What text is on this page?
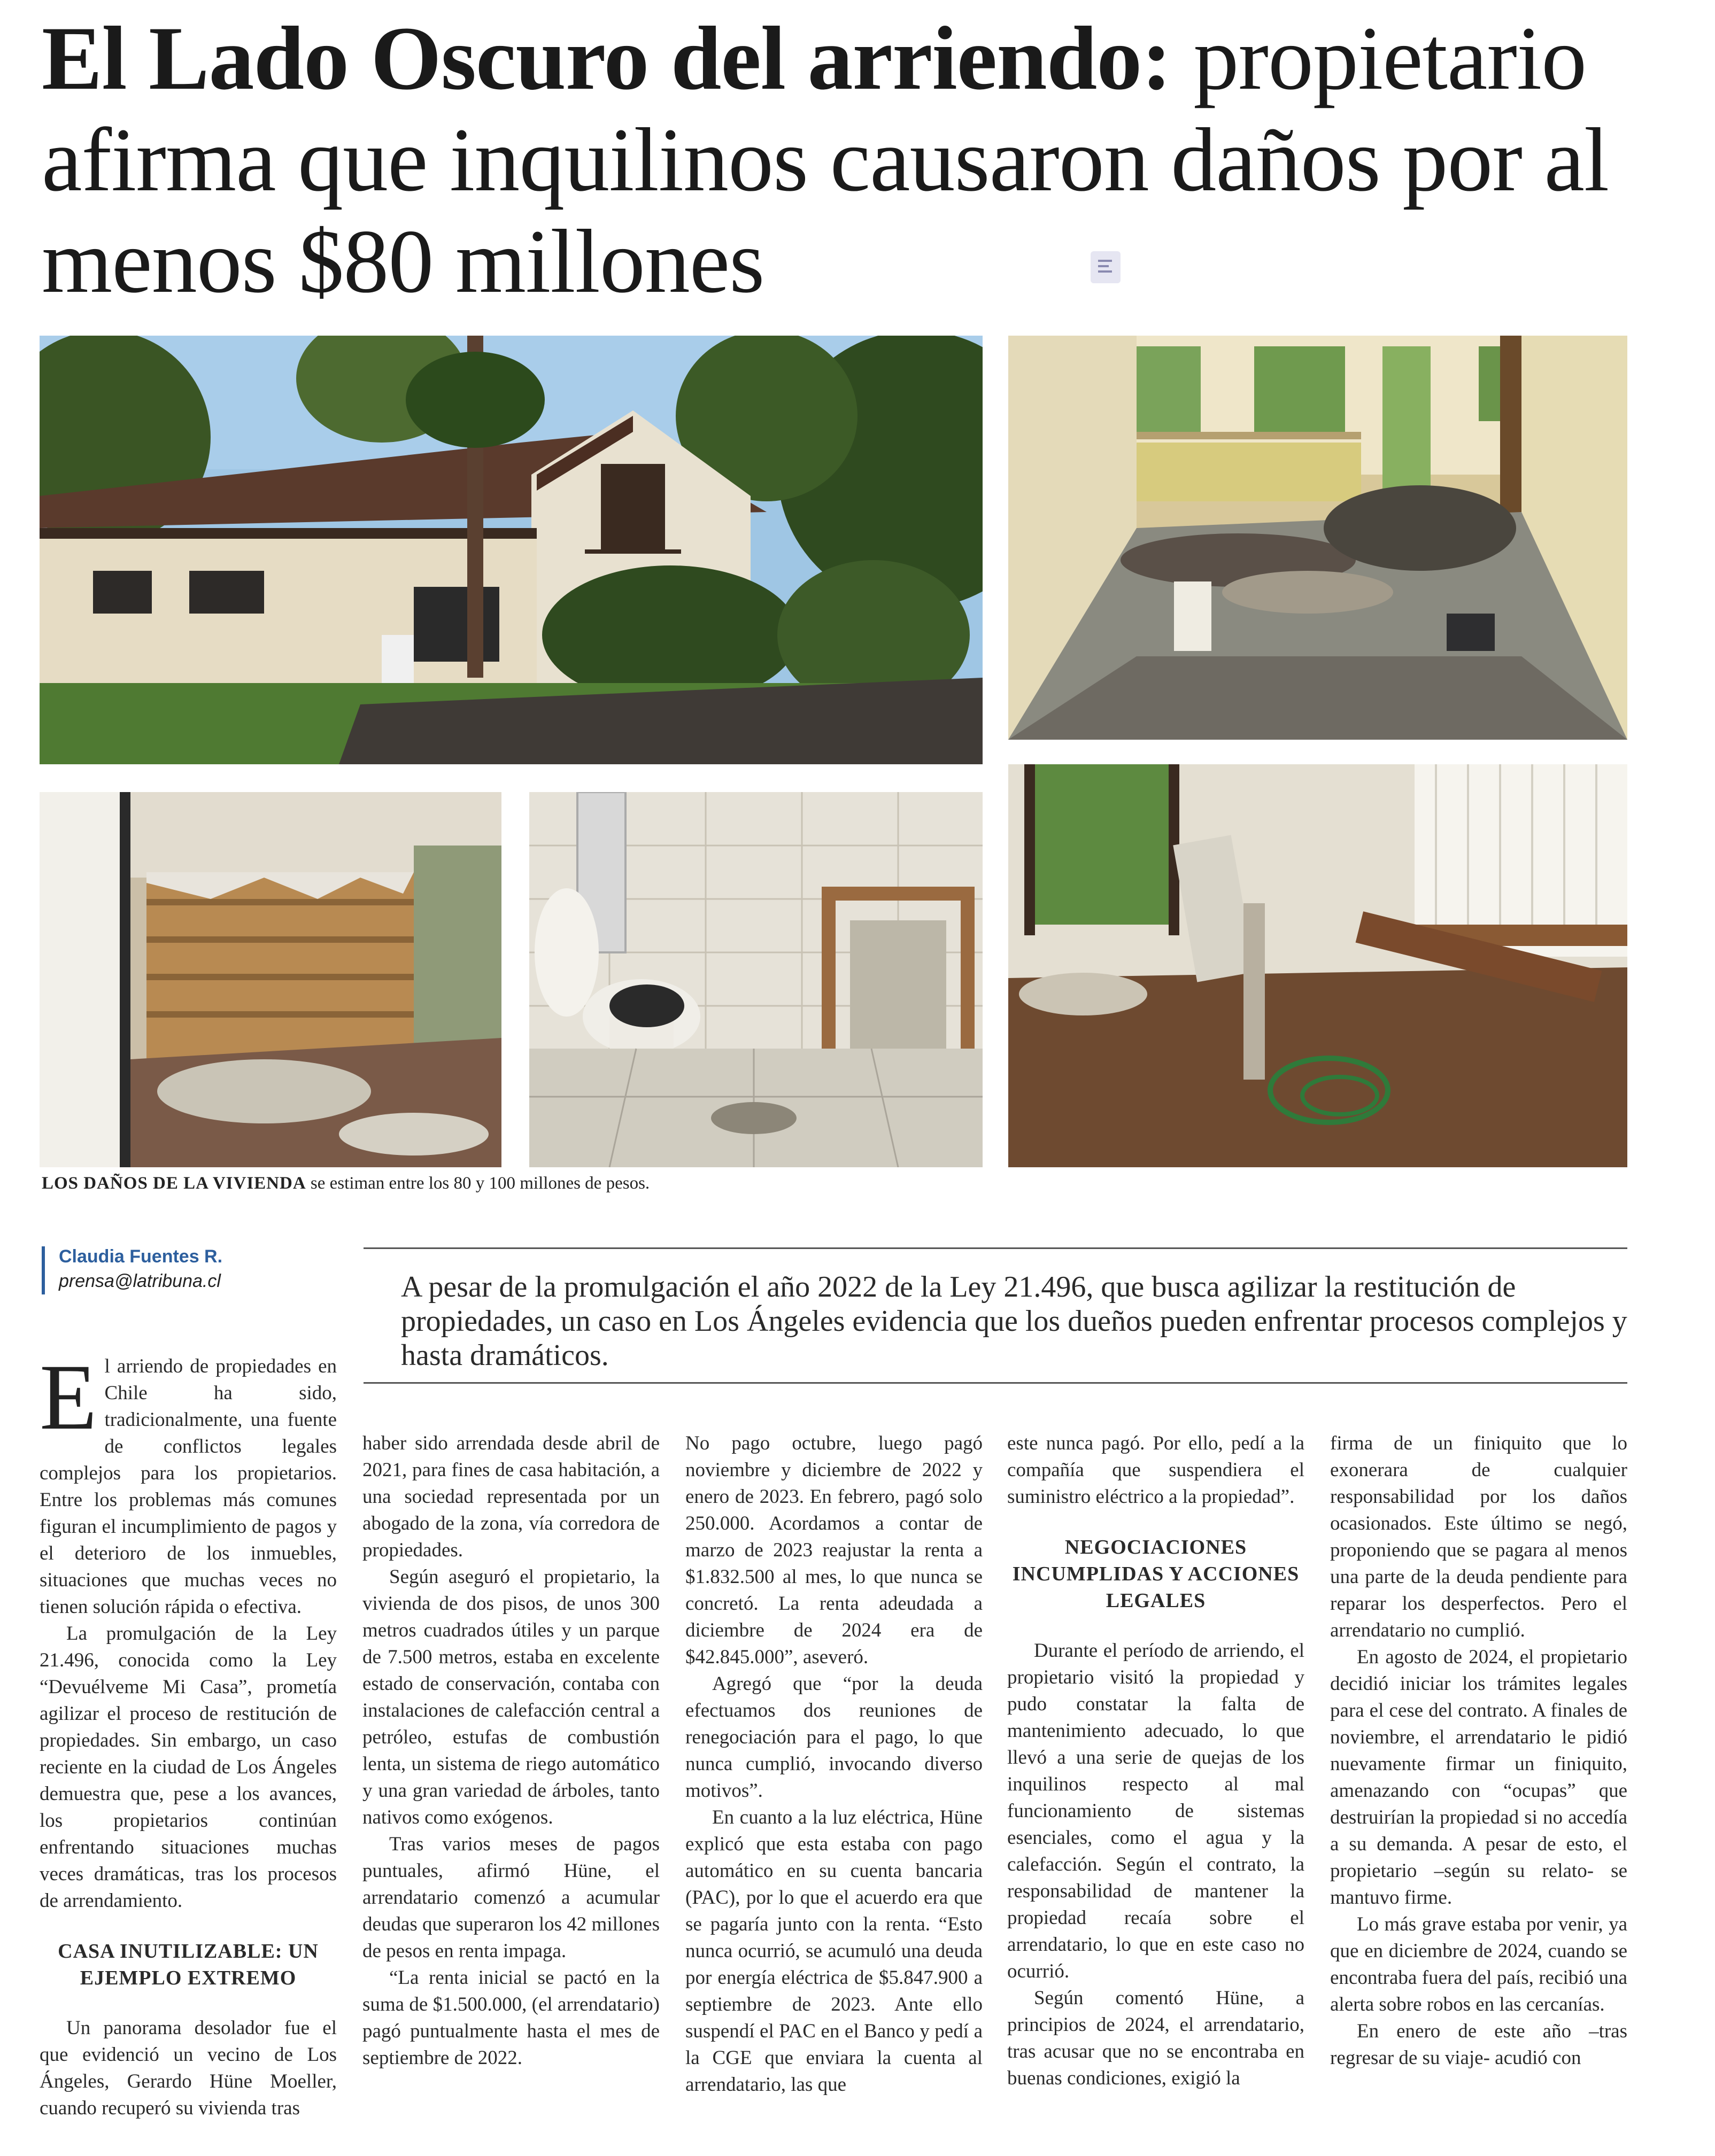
El Lado Oscuro del arriendo: propietario afirma que inquilinos causaron daños por al menos $80 millones
LOS DAÑOS DE LA VIVIENDA se estiman entre los 80 y 100 millones de pesos.
Claudia Fuentes R.
prensa@latribuna.cl	A pesar de la promulgación el año 2022 de la Ley 21.496, que busca agilizar la restitución de propiedades, un caso en Los Ángeles evidencia que los dueños pueden enfrentar procesos complejos y hasta dramáticos.

El arriendo de propiedades en Chile ha sido, tradicionalmente, una fuente de conflictos legales complejos para los propietarios. Entre los problemas más comunes figuran el incumplimiento de pagos y el deterioro de los inmuebles, situaciones que muchas veces no tienen solución rápida o efectiva.

La promulgación de la Ley 21.496, conocida como la Ley “Devuélveme Mi Casa”, prometía agilizar el proceso de restitución de propiedades. Sin embargo, un caso reciente en la ciudad de Los Ángeles demuestra que, pese a los avances, los propietarios continúan enfrentando situaciones muchas veces dramáticas, tras los procesos de arrendamiento.

CASA INUTILIZABLE: UN EJEMPLO EXTREMO

Un panorama desolador fue el que evidenció un vecino de Los Ángeles, Gerardo Hüne Moeller, cuando recuperó su vivienda tras

haber sido arrendada desde abril de 2021, para fines de casa habitación, a una sociedad representada por un abogado de la zona, vía corredora de propiedades.

Según aseguró el propietario, la vivienda de dos pisos, de unos 300 metros cuadrados útiles y un parque de 7.500 metros, estaba en excelente estado de conservación, contaba con instalaciones de calefacción central a petróleo, estufas de combustión lenta, un sistema de riego automático y una gran variedad de árboles, tanto nativos como exógenos.

Tras varios meses de pagos puntuales, afirmó Hüne, el arrendatario comenzó a acumular deudas que superaron los 42 millones de pesos en renta impaga.

“La renta inicial se pactó en la suma de $1.500.000, (el arrendatario) pagó puntualmente hasta el mes de septiembre de 2022.

No pago octubre, luego pagó noviembre y diciembre de 2022 y enero de 2023. En febrero, pagó solo 250.000. Acordamos a contar de marzo de 2023 reajustar la renta a $1.832.500 al mes, lo que nunca se concretó. La renta adeudada a diciembre de 2024 era de $42.845.000”, aseveró.

Agregó que “por la deuda efectuamos dos reuniones de renegociación para el pago, lo que nunca cumplió, invocando diverso motivos”.

En cuanto a la luz eléctrica, Hüne explicó que esta estaba con pago automático en su cuenta bancaria (PAC), por lo que el acuerdo era que se pagaría junto con la renta. “Esto nunca ocurrió, se acumuló una deuda por energía eléctrica de $5.847.900 a septiembre de 2023. Ante ello suspendí el PAC en el Banco y pedí a la CGE que enviara la cuenta al arrendatario, las que

este nunca pagó. Por ello, pedí a la compañía que suspendiera el suministro eléctrico a la propiedad”.

NEGOCIACIONES INCUMPLIDAS Y ACCIONES LEGALES

Durante el período de arriendo, el propietario visitó la propiedad y pudo constatar la falta de mantenimiento adecuado, lo que llevó a una serie de quejas de los inquilinos respecto al mal funcionamiento de sistemas esenciales, como el agua y la calefacción. Según el contrato, la responsabilidad de mantener la propiedad recaía sobre el arrendatario, lo que en este caso no ocurrió.

Según comentó Hüne, a principios de 2024, el arrendatario, tras acusar que no se encontraba en buenas condiciones, exigió la

firma de un finiquito que lo exonerara de cualquier responsabilidad por los daños ocasionados. Este último se negó, proponiendo que se pagara al menos una parte de la deuda pendiente para reparar los desperfectos. Pero el arrendatario no cumplió.

En agosto de 2024, el propietario decidió iniciar los trámites legales para el cese del contrato. A finales de noviembre, el arrendatario le pidió nuevamente firmar un finiquito, amenazando con “ocupas” que destruirían la propiedad si no accedía a su demanda. A pesar de esto, el propietario –según su relato- se mantuvo firme.

Lo más grave estaba por venir, ya que en diciembre de 2024, cuando se encontraba fuera del país, recibió una alerta sobre robos en las cercanías.

En enero de este año –tras regresar de su viaje- acudió con
